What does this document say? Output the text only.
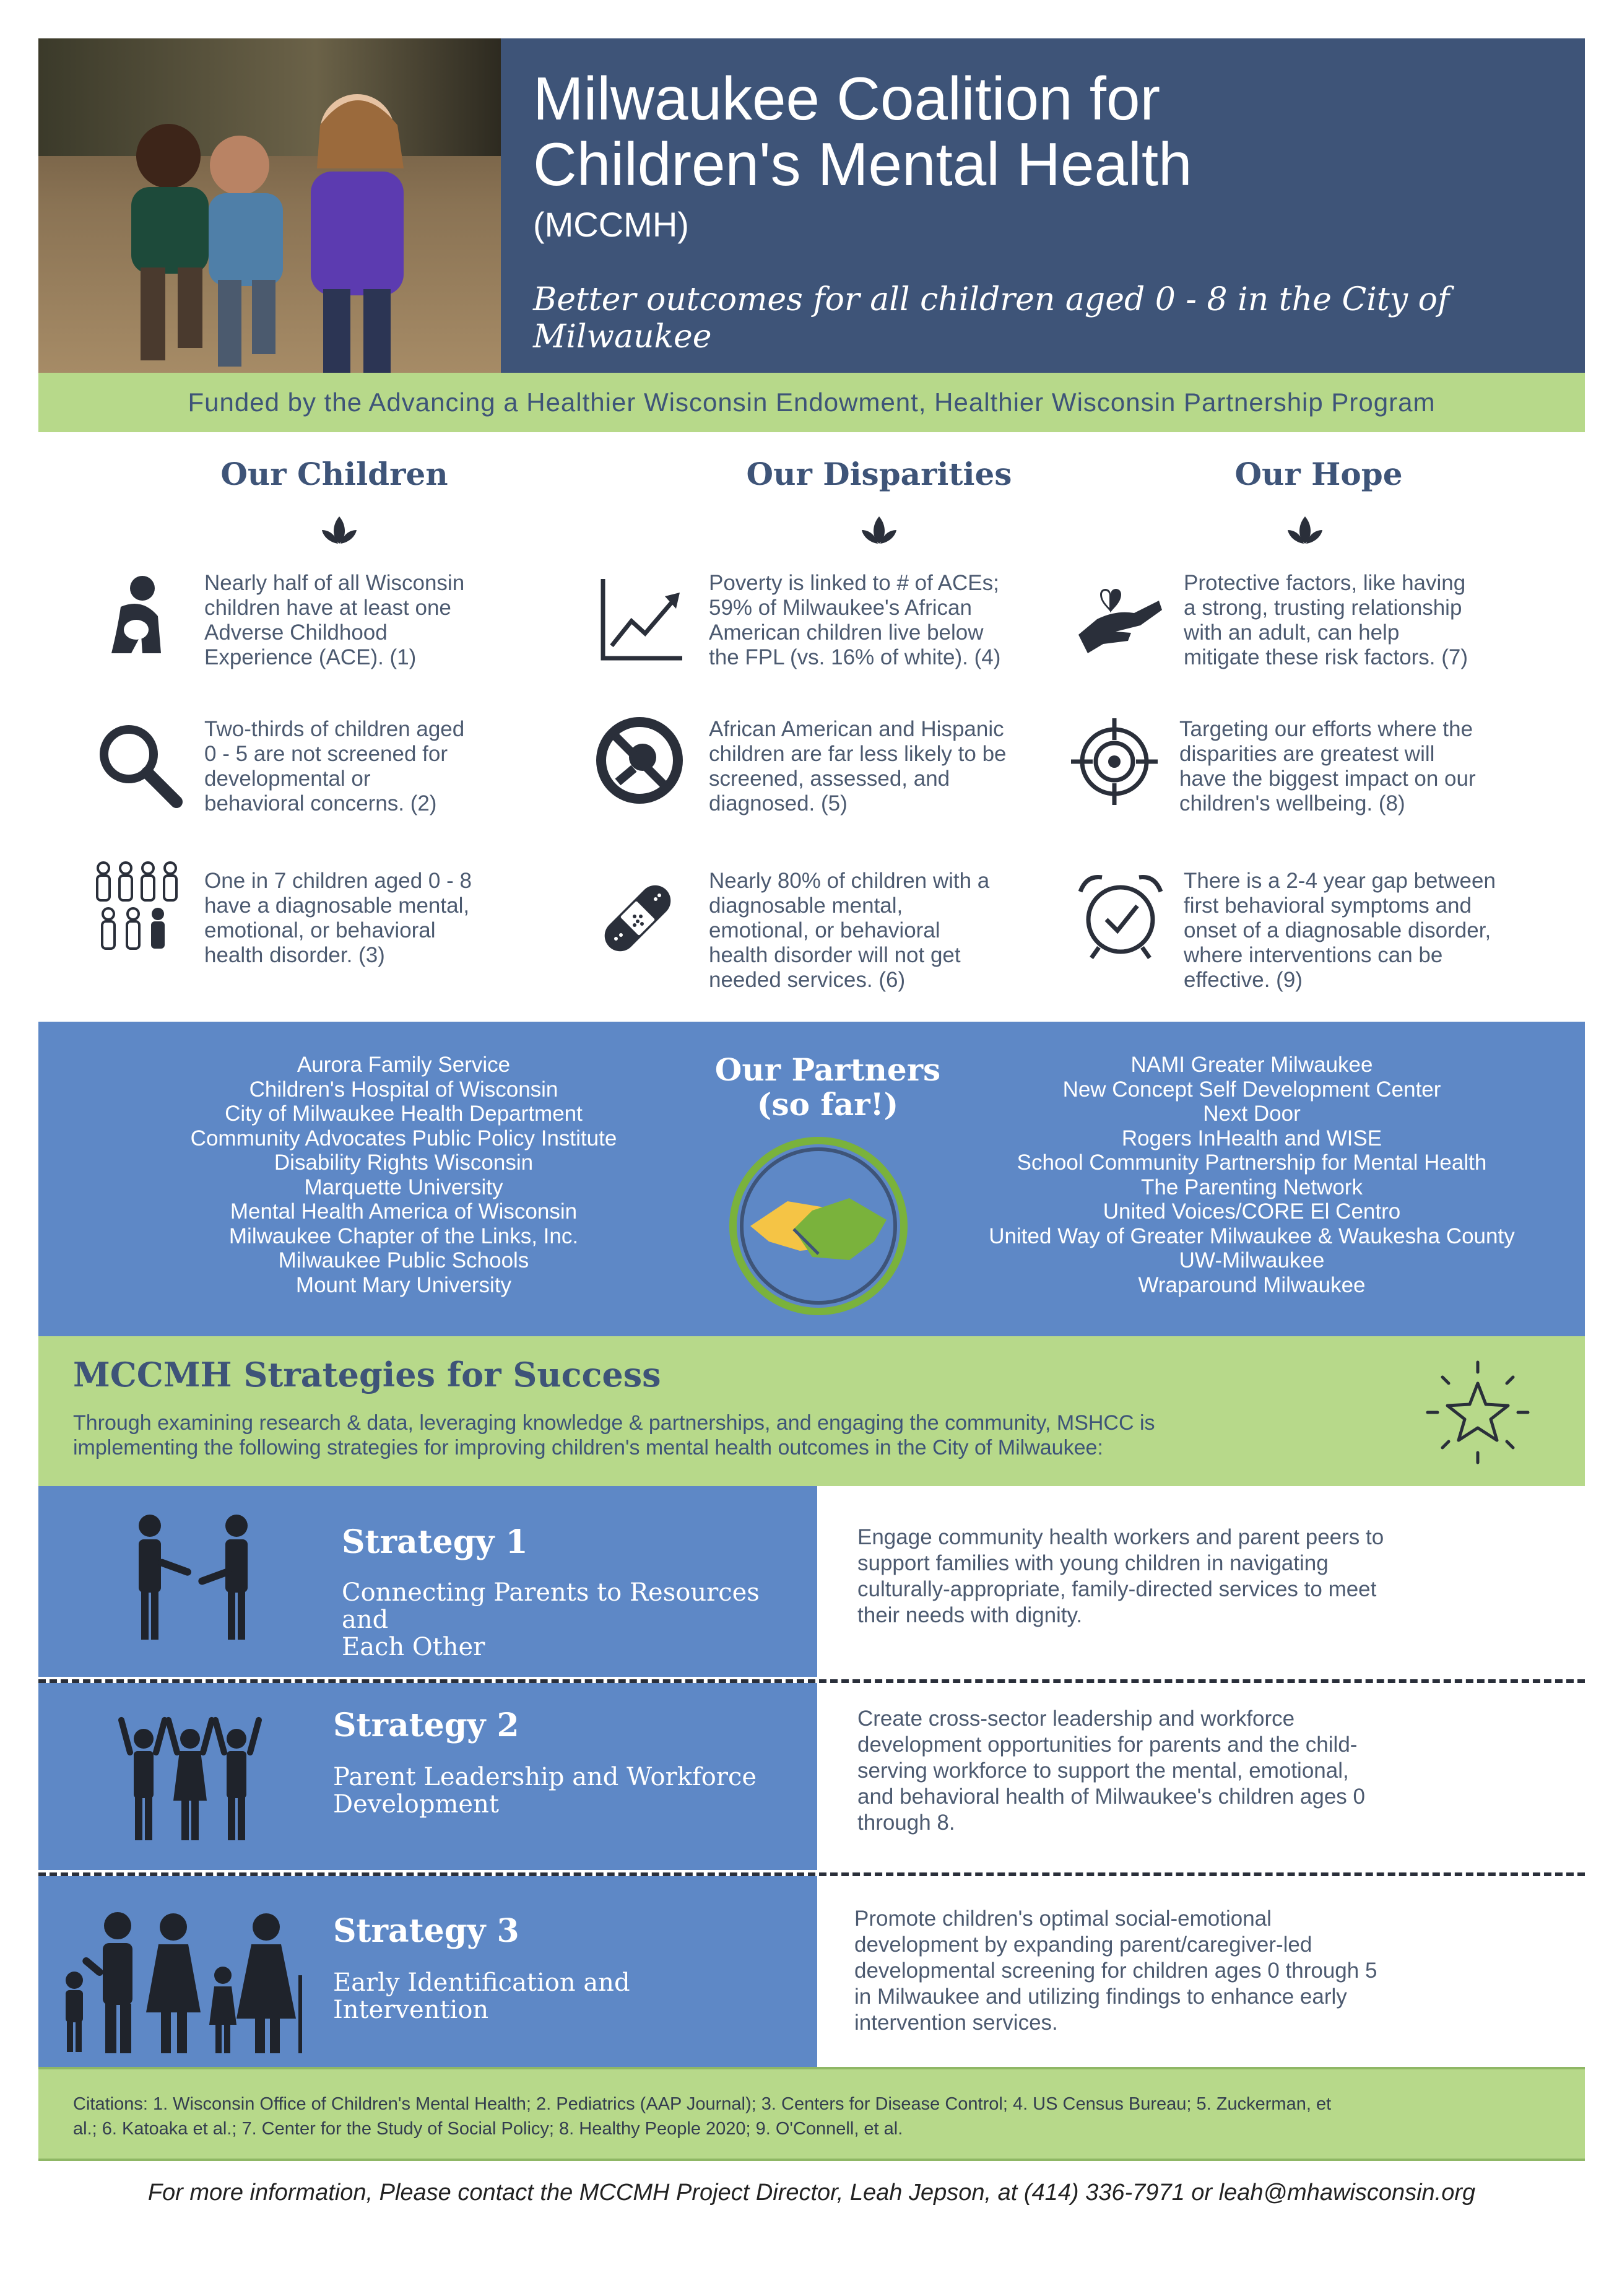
Milwaukee Coalition for
Children's Mental Health
(MCCMH)
Better outcomes for all children aged 0 - 8 in the City of Milwaukee
Funded by the Advancing a Healthier Wisconsin Endowment, Healthier Wisconsin Partnership Program
Our Children	Our Disparities	Our Hope
Nearly half of all Wisconsin
children have at least one
Adverse Childhood
Experience (ACE). (1)
Two-thirds of children aged
0 - 5 are not screened for
developmental or
behavioral concerns. (2)
One in 7 children aged 0 - 8
have a diagnosable mental,
emotional, or behavioral
health disorder. (3)
Poverty is linked to # of ACEs;
59% of Milwaukee's African
American children live below
the FPL (vs. 16% of white). (4)
African American and Hispanic
children are far less likely to be
screened, assessed, and
diagnosed. (5)
Nearly 80% of children with a
diagnosable mental,
emotional, or behavioral
health disorder will not get
needed services. (6)
Protective factors, like having
a strong, trusting relationship
with an adult, can help
mitigate these risk factors. (7)
Targeting our efforts where the
disparities are greatest will
have the biggest impact on our
children's wellbeing. (8)
There is a 2-4 year gap between
first behavioral symptoms and
onset of a diagnosable disorder,
where interventions can be
effective. (9)
Aurora Family Service
Children's Hospital of Wisconsin
City of Milwaukee Health Department
Community Advocates Public Policy Institute
Disability Rights Wisconsin
Marquette University
Mental Health America of Wisconsin
Milwaukee Chapter of the Links, Inc.
Milwaukee Public Schools
Mount Mary University
Our Partners
(so far!)
NAMI Greater Milwaukee
New Concept Self Development Center
Next Door
Rogers InHealth and WISE
School Community Partnership for Mental Health
The Parenting Network
United Voices/CORE El Centro
United Way of Greater Milwaukee & Waukesha County
UW-Milwaukee
Wraparound Milwaukee
MCCMH Strategies for Success
Through examining research & data, leveraging knowledge & partnerships, and engaging the community, MSHCC is
implementing the following strategies for improving children's mental health outcomes in the City of Milwaukee:
Strategy 1
Connecting Parents to Resources and
Each Other
Engage community health workers and parent peers to
support families with young children in navigating
culturally-appropriate, family-directed services to meet
their needs with dignity.
Strategy 2
Parent Leadership and Workforce
Development
Create cross-sector leadership and workforce
development opportunities for parents and the child-
serving workforce to support the mental, emotional,
and behavioral health of Milwaukee's children ages 0
through 8.
Strategy 3
Early Identification and
Intervention
Promote children's optimal social-emotional
development by expanding parent/caregiver-led
developmental screening for children ages 0 through 5
in Milwaukee and utilizing findings to enhance early
intervention services.
Citations: 1. Wisconsin Office of Children's Mental Health; 2. Pediatrics (AAP Journal); 3. Centers for Disease Control; 4. US Census Bureau; 5. Zuckerman, et
al.; 6. Katoaka et al.; 7. Center for the Study of Social Policy; 8. Healthy People 2020; 9. O'Connell, et al.
For more information, Please contact the MCCMH Project Director, Leah Jepson, at (414) 336-7971 or leah@mhawisconsin.org
